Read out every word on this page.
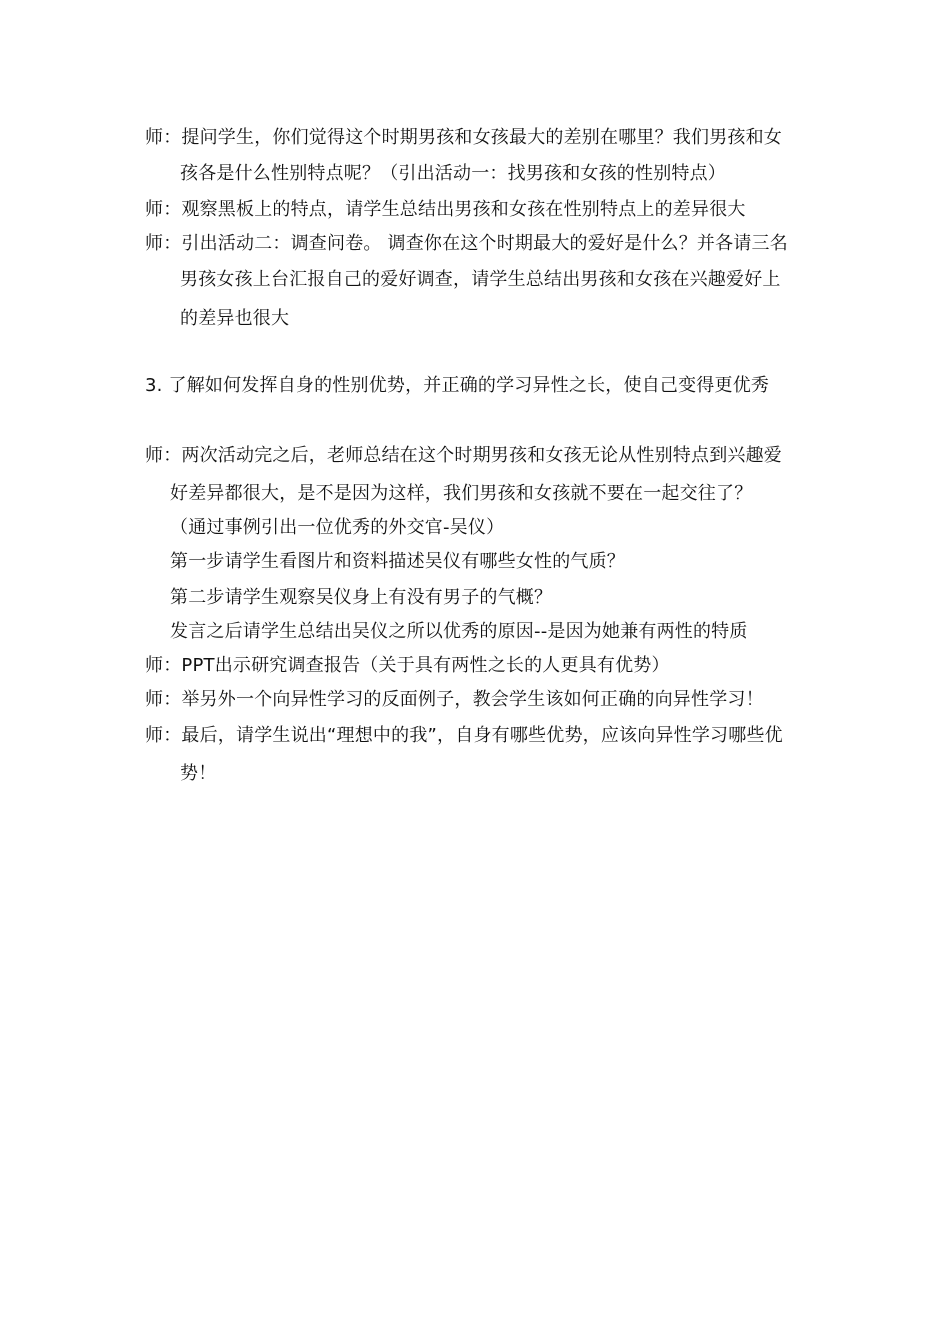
师：提问学生，你们觉得这个时期男孩和女孩最大的差别在哪里？我们男孩和女

孩各是什么性别特点呢？（引出活动一：找男孩和女孩的性别特点）

师：观察黑板上的特点，请学生总结出男孩和女孩在性别特点上的差异很大

师：引出活动二：调查问卷。 调查你在这个时期最大的爱好是什么？并各请三名

男孩女孩上台汇报自己的爱好调查，请学生总结出男孩和女孩在兴趣爱好上

的差异也很大

3. 了解如何发挥自身的性别优势，并正确的学习异性之长，使自己变得更优秀

师：两次活动完之后，老师总结在这个时期男孩和女孩无论从性别特点到兴趣爱

好差异都很大，是不是因为这样，我们男孩和女孩就不要在一起交往了？

（通过事例引出一位优秀的外交官-吴仪）

第一步请学生看图片和资料描述吴仪有哪些女性的气质？

第二步请学生观察吴仪身上有没有男子的气概？

发言之后请学生总结出吴仪之所以优秀的原因--是因为她兼有两性的特质

师：PPT出示研究调查报告（关于具有两性之长的人更具有优势）

师：举另外一个向异性学习的反面例子，教会学生该如何正确的向异性学习！

师：最后，请学生说出“理想中的我”，自身有哪些优势，应该向异性学习哪些优

势！
